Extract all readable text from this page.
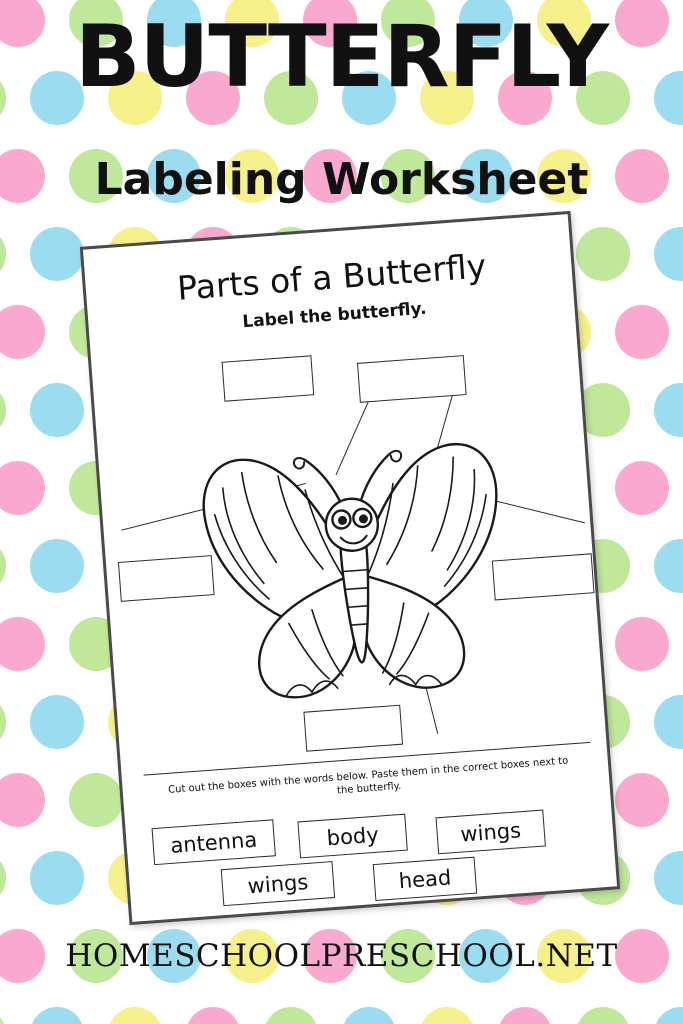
BUTTERFLY
Labeling Worksheet
Parts of a Butterfly
Label the butterfly.
Cut out the boxes with the words below. Paste them in the correct boxes next to the butterfly.
antenna	body	wings
wings	head
HOMESCHOOLPRESCHOOL.NET
